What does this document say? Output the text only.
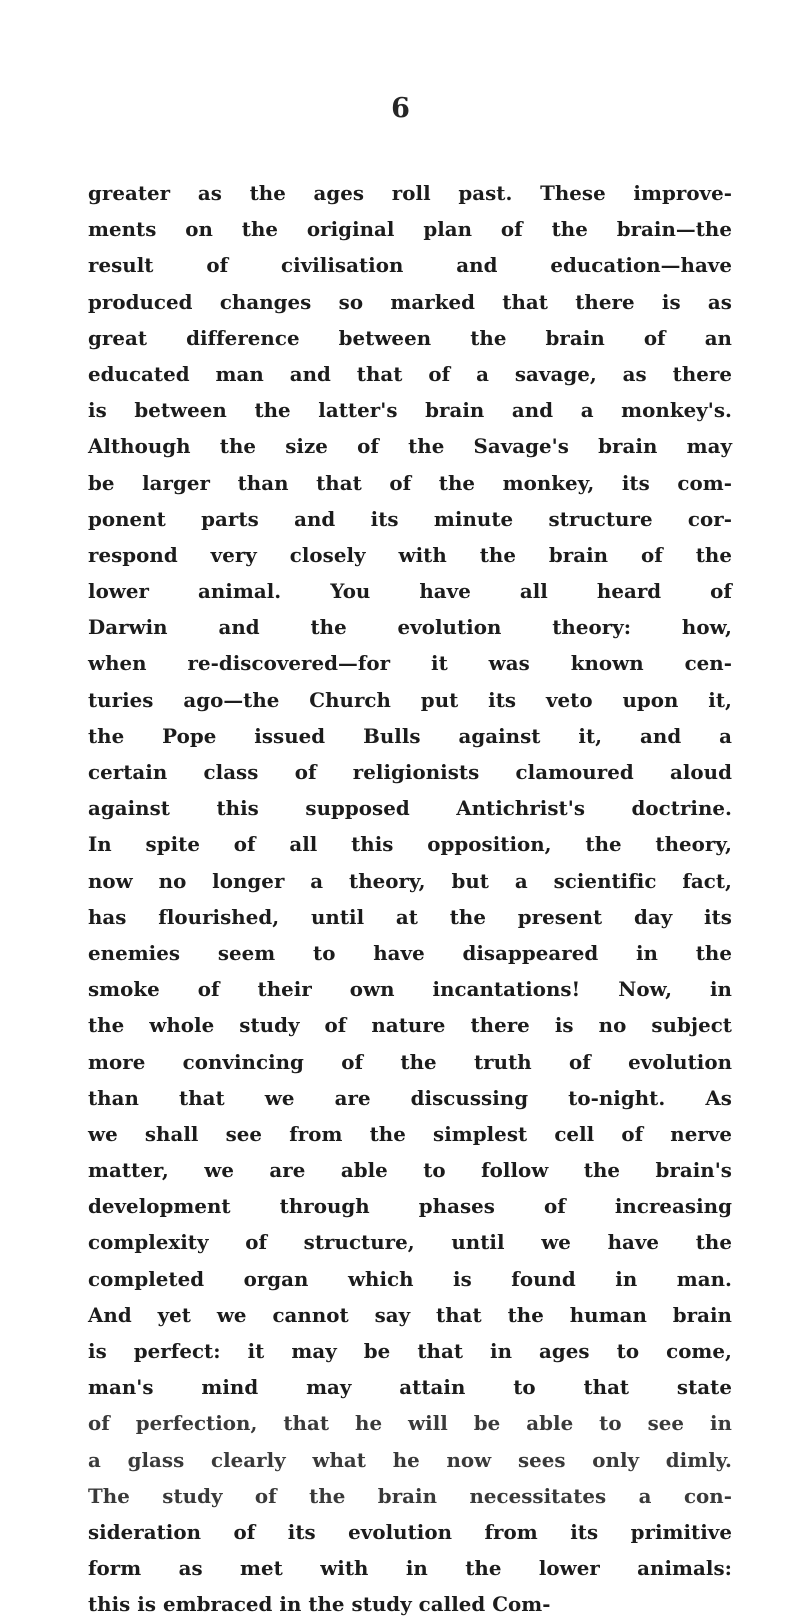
6
greater as the ages roll past. These improve-
ments on the original plan of the brain—the
result of civilisation and education—have
produced changes so marked that there is as
great difference between the brain of an
educated man and that of a savage, as there
is between the latter's brain and a monkey's.
Although the size of the Savage's brain may
be larger than that of the monkey, its com-
ponent parts and its minute structure cor-
respond very closely with the brain of the
lower animal. You have all heard of
Darwin and the evolution theory: how,
when re-discovered—for it was known cen-
turies ago—the Church put its veto upon it,
the Pope issued Bulls against it, and a
certain class of religionists clamoured aloud
against this supposed Antichrist's doctrine.
In spite of all this opposition, the theory,
now no longer a theory, but a scientific fact,
has flourished, until at the present day its
enemies seem to have disappeared in the
smoke of their own incantations! Now, in
the whole study of nature there is no subject
more convincing of the truth of evolution
than that we are discussing to-night. As
we shall see from the simplest cell of nerve
matter, we are able to follow the brain's
development through phases of increasing
complexity of structure, until we have the
completed organ which is found in man.
And yet we cannot say that the human brain
is perfect: it may be that in ages to come,
man's mind may attain to that state
of perfection, that he will be able to see in
a glass clearly what he now sees only dimly.
The study of the brain necessitates a con-
sideration of its evolution from its primitive
form as met with in the lower animals:
this is embraced in the study called Com-
